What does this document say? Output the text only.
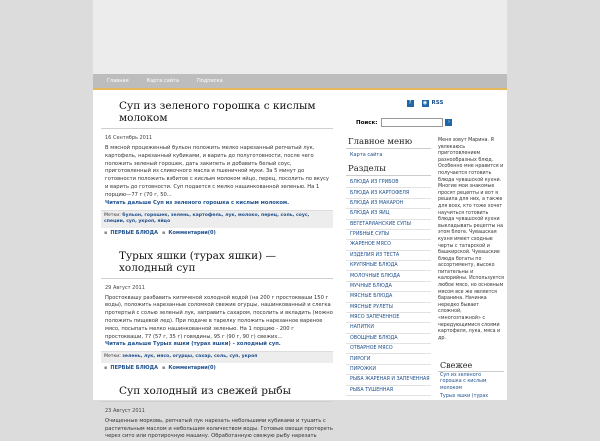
Главная	Карта сайта	Подписка
Суп из зеленого горошка с кислым молоком
16 Сентябрь 2011
В мясной процеженный бульон положить мелко нарезанный репчатый лук, картофель, нарезанный кубиками, и варить до полуготовности, после чего положить зеленый горошек, дать закипеть и добавить белый соус, приготовленный из сливочного масла и пшеничной муки. За 5 минут до готовности положить взбитое с кислым молоком яйцо, перец, посолить по вкусу и варить до готовности. Суп подается с мелко нашинкованной зеленью. На 1 порцию—77 г (70 г, 50...
Читать дальше Суп из зеленого горошка с кислым молоком.
Метки: бульон, горошек, зелень, картофель, лук, молоко, перец, соль, соус, специи, суп, укроп, яйцо
▪ ПЕРВЫЕ БЛЮДА ▪ Комментарии(0)
Турых яшки (турах яшки) — холодный суп
29 Август 2011
Простоквашу разбавить кипяченой холодной водой (на 200 г простокваши 150 г воды), положить нарезанные соломкой свежие огурцы, нашинкованный и слегка протертый с солью зеленый лук, заправить сахаром, посолить и вкладить (можно положить пищевой лед). При подаче в тарелку положить нарезанное вареное мясо, посыпать мелко нашинкованной зеленью. На 1 порцию - 200 г простокваши, 77 (57 г, 35 г) говядины, 95 г (90 г, 90 г) свежих...
Читать дальше Турых яшки (турах яшки) - холодный суп.
Метки: зелень, лук, мясо, огурцы, сахар, соль, суп, укроп
▪ ПЕРВЫЕ БЛЮДА ▪ Комментарии(0)
Суп холодный из свежей рыбы
23 Август 2011
Очищенные морковь, репчатый лук нарезать небольшими кубиками и тушить с растительным маслом и небольшим количеством воды. Готовые овощи протереть через сито или протирочную машину. Обработанную свежую рыбу нарезать
?	◉ RSS
Поиск:	›
Главное меню
Карта сайта
Разделы
БЛЮДА ИЗ ГРИБОВ
БЛЮДА ИЗ КАРТОФЕЛЯ
БЛЮДА ИЗ МАКАРОН
БЛЮДА ИЗ ЯИЦ
ВЕГЕТАРИАНСКИЕ СУПЫ
ГРИБНЫЕ СУПЫ
ЖАРЕНОЕ МЯСО
ИЗДЕЛИЯ ИЗ ТЕСТА
КРУПЯНЫЕ БЛЮДА
МОЛОЧНЫЕ БЛЮДА
МУЧНЫЕ БЛЮДА
МЯСНЫЕ БЛЮДА
МЯСНЫЕ РУЛЕТЫ
МЯСО ЗАПЕЧЕННОЕ
НАПИТКИ
ОВОЩНЫЕ БЛЮДА
ОТВАРНОЕ МЯСО
ПИРОГИ
ПИРОЖКИ
РЫБА ЖАРЕНАЯ И ЗАПЕЧЕННАЯ
РЫБА ТУШЕННАЯ
Меня зовут Марина. Я увлекаюсь приготовлением разнообразных блюд. Особенно мне нравится и получается готовить блюда чувашской кухни. Многие мои знакомые просят рецепты и вот я решила для них, а также для всех, кто тоже хочет научиться готовить блюда чувашской кухни выкладывать рецепты на этом блоге. Чувашская кухня имеет сходные черты с татарской и башкирской. Чувашские блюда богаты по ассортименту, высоко питательны и калорийны. Используется любое мясо, но основным мясом все же является баранина. Начинка нередко бывает сложной, «многоэтажной» с чередующимися слоями картофеля, лука, мяса и др.
Свежее
Суп из зеленого горошка с кислым молоком
Турых яшки (турах
